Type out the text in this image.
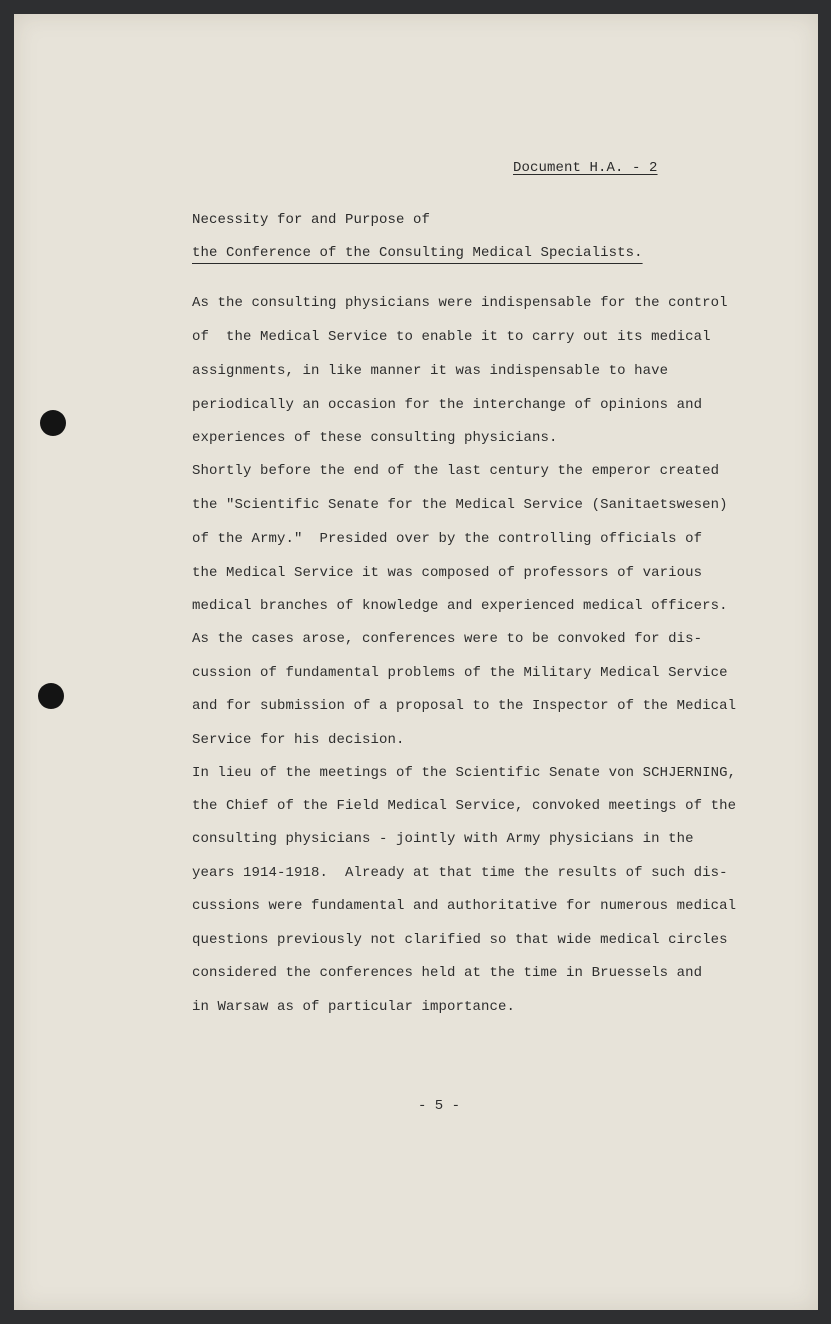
Document H.A. - 2
Necessity for and Purpose of
the Conference of the Consulting Medical Specialists.
As the consulting physicians were indispensable for the control
of  the Medical Service to enable it to carry out its medical
assignments, in like manner it was indispensable to have
periodically an occasion for the interchange of opinions and
experiences of these consulting physicians.
Shortly before the end of the last century the emperor created
the "Scientific Senate for the Medical Service (Sanitaetswesen)
of the Army."  Presided over by the controlling officials of
the Medical Service it was composed of professors of various
medical branches of knowledge and experienced medical officers.
As the cases arose, conferences were to be convoked for dis-
cussion of fundamental problems of the Military Medical Service
and for submission of a proposal to the Inspector of the Medical
Service for his decision.
In lieu of the meetings of the Scientific Senate von SCHJERNING,
the Chief of the Field Medical Service, convoked meetings of the
consulting physicians - jointly with Army physicians in the
years 1914-1918.  Already at that time the results of such dis-
cussions were fundamental and authoritative for numerous medical
questions previously not clarified so that wide medical circles
considered the conferences held at the time in Bruessels and
in Warsaw as of particular importance.
- 5 -
